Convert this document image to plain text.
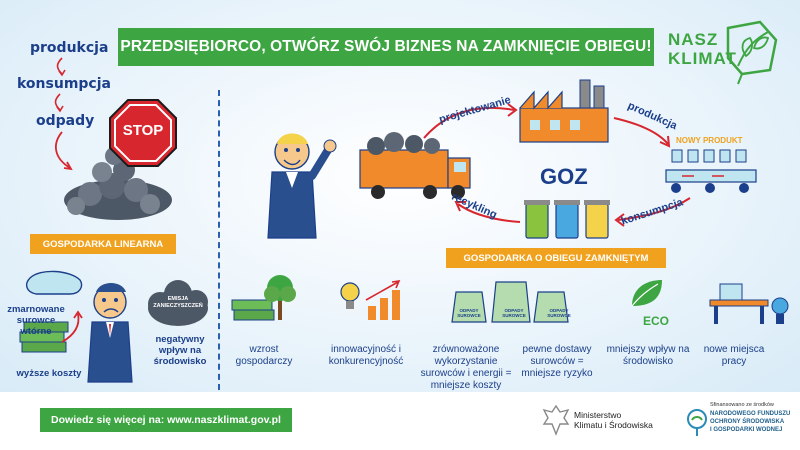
PRZEDSIĘBIORCO, OTWÓRZ SWÓJ BIZNES NA ZAMKNIĘCIE OBIEGU! NASZ
KLIMAT
produkcja
konsumpcja
odpady
STOP
GOSPODARKA LINEARNA
EMISJA ZANIECZYSZCZEŃ
zmarnowane surowce wtórne
wyższe koszty
negatywny wpływ na środowisko
projektowanie	produkcja
konsumpcja
recykling
GOZ
NOWY PRODUKT
GOSPODARKA O OBIEGU ZAMKNIĘTYM
ECO
ODPADY SUROWCE
ODPADY SUROWCE
ODPADY SUROWCE
wzrost gospodarczy
innowacyjność i konkurencyjność
zrównoważone wykorzystanie surowców i energii = mniejsze koszty
pewne dostawy surowców = mniejsze ryzyko
mniejszy wpływ na środowisko
nowe miejsca pracy
Dowiedz się więcej na: www.naszklimat.gov.pl	Ministerstwo
Klimatu i Środowiska
Sfinansowano ze środków
NARODOWEGO FUNDUSZU
OCHRONY ŚRODOWISKA
I GOSPODARKI WODNEJ
